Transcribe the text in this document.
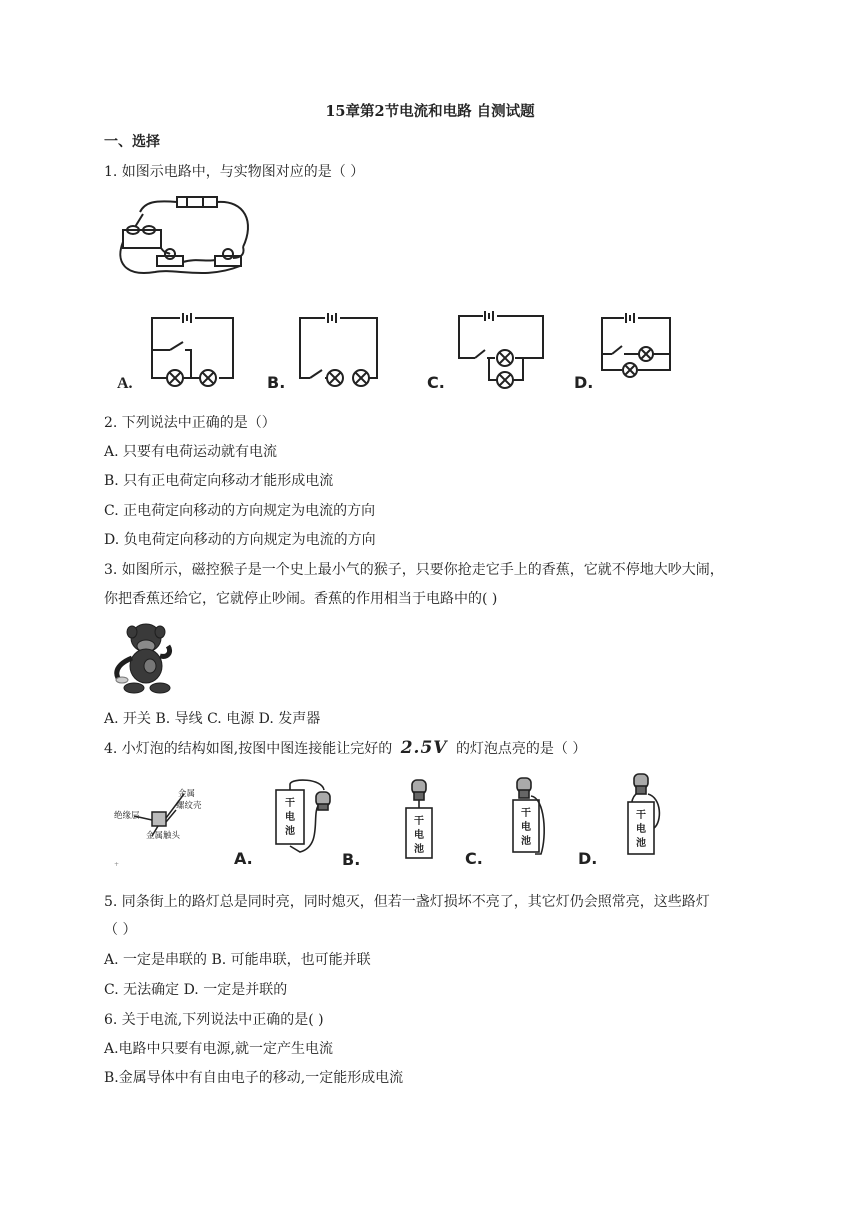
15章第2节电流和电路 自测试题
一、选择
1. 如图示电路中，与实物图对应的是（ ）
A.	B.	C.	D.
2. 下列说法中正确的是（）
A. 只要有电荷运动就有电流
B. 只有正电荷定向移动才能形成电流
C. 正电荷定向移动的方向规定为电流的方向
D. 负电荷定向移动的方向规定为电流的方向
3. 如图所示，磁控猴子是一个史上最小气的猴子，只要你抢走它手上的香蕉，它就不停地大吵大闹，
你把香蕉还给它，它就停止吵闹。香蕉的作用相当于电路中的( )
A. 开关 B. 导线 C. 电源 D. 发声器
4. 小灯泡的结构如图,按图中图连接能让完好的 2.5V 的灯泡点亮的是（ ）
绝缘层
金属
螺纹壳
金属触头
+
干
电
池
A.
干
电
池
B.
干
电
池
C.
干
电
池
D.
5. 同条街上的路灯总是同时亮，同时熄灭，但若一盏灯损坏不亮了，其它灯仍会照常亮，这些路灯
（ ）
A. 一定是串联的 B. 可能串联，也可能并联
C. 无法确定 D. 一定是并联的
6. 关于电流,下列说法中正确的是( )
A.电路中只要有电源,就一定产生电流
B.金属导体中有自由电子的移动,一定能形成电流
